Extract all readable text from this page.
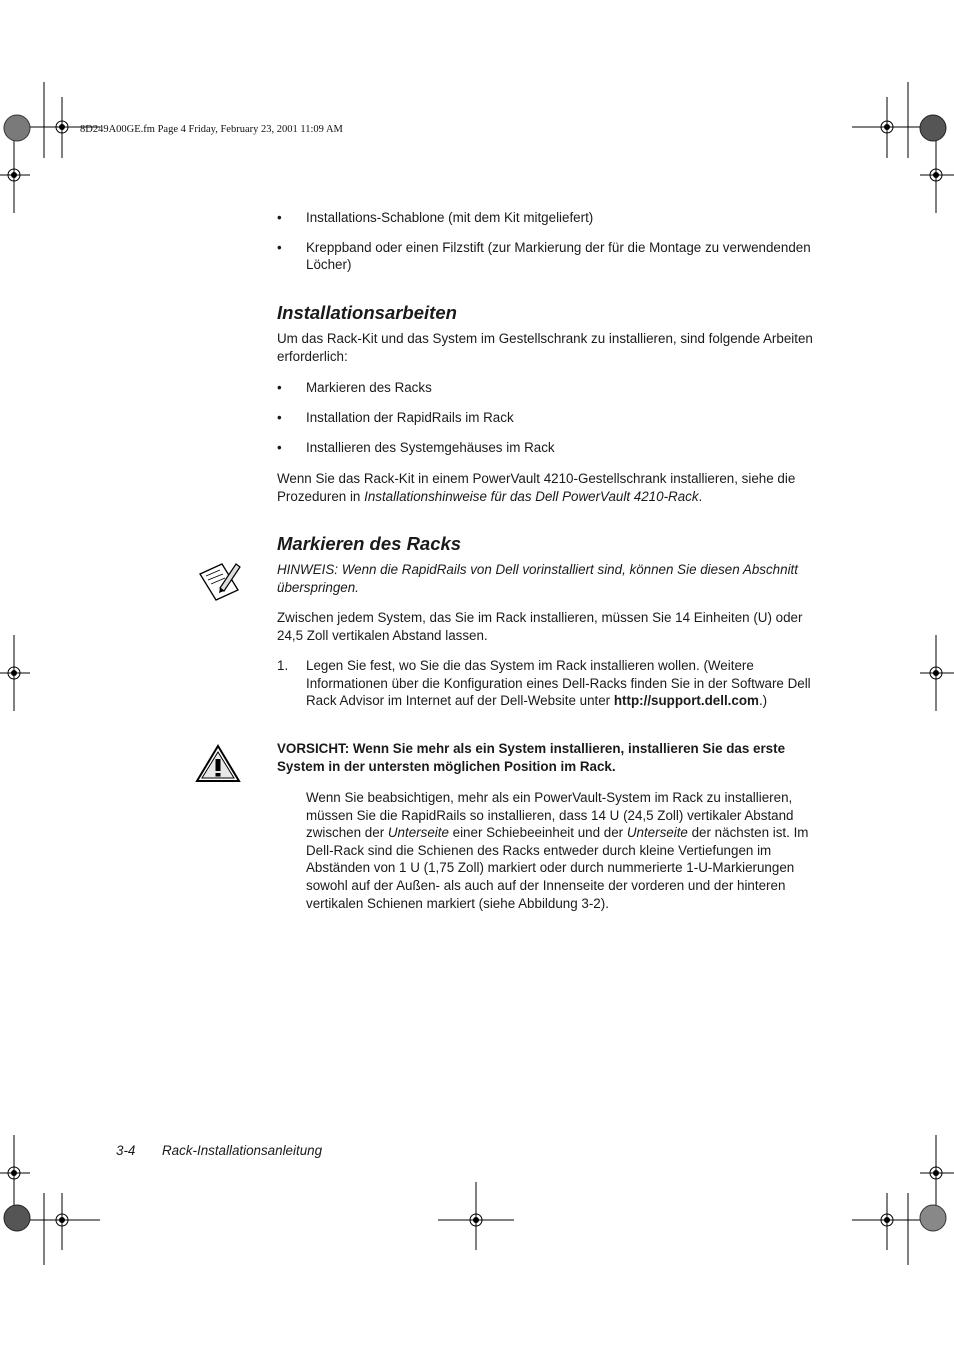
8D249A00GE.fm Page 4 Friday, February 23, 2001 11:09 AM
• Installations-Schablone (mit dem Kit mitgeliefert)
• Kreppband oder einen Filzstift (zur Markierung der für die Montage zu verwendenden Löcher)
Installationsarbeiten
Um das Rack-Kit und das System im Gestellschrank zu installieren, sind folgende Arbeiten erforderlich:
• Markieren des Racks
• Installation der RapidRails im Rack
• Installieren des Systemgehäuses im Rack
Wenn Sie das Rack-Kit in einem PowerVault 4210-Gestellschrank installieren, siehe die Prozeduren in Installationshinweise für das Dell PowerVault 4210-Rack.
Markieren des Racks
HINWEIS: Wenn die RapidRails von Dell vorinstalliert sind, können Sie diesen Abschnitt überspringen.
Zwischen jedem System, das Sie im Rack installieren, müssen Sie 14 Einheiten (U) oder 24,5 Zoll vertikalen Abstand lassen.
1. Legen Sie fest, wo Sie die das System im Rack installieren wollen. (Weitere Informationen über die Konfiguration eines Dell-Racks finden Sie in der Software Dell Rack Advisor im Internet auf der Dell-Website unter http://support.dell.com.)
VORSICHT: Wenn Sie mehr als ein System installieren, installieren Sie das erste System in der untersten möglichen Position im Rack.
Wenn Sie beabsichtigen, mehr als ein PowerVault-System im Rack zu installieren, müssen Sie die RapidRails so installieren, dass 14 U (24,5 Zoll) vertikaler Abstand zwischen der Unterseite einer Schiebeeinheit und der Unterseite der nächsten ist. Im Dell-Rack sind die Schienen des Racks entweder durch kleine Vertiefungen im Abständen von 1 U (1,75 Zoll) markiert oder durch nummerierte 1-U-Markierungen sowohl auf der Außen- als auch auf der Innenseite der vorderen und der hinteren vertikalen Schienen markiert (siehe Abbildung 3-2).
3-4 Rack-Installationsanleitung
